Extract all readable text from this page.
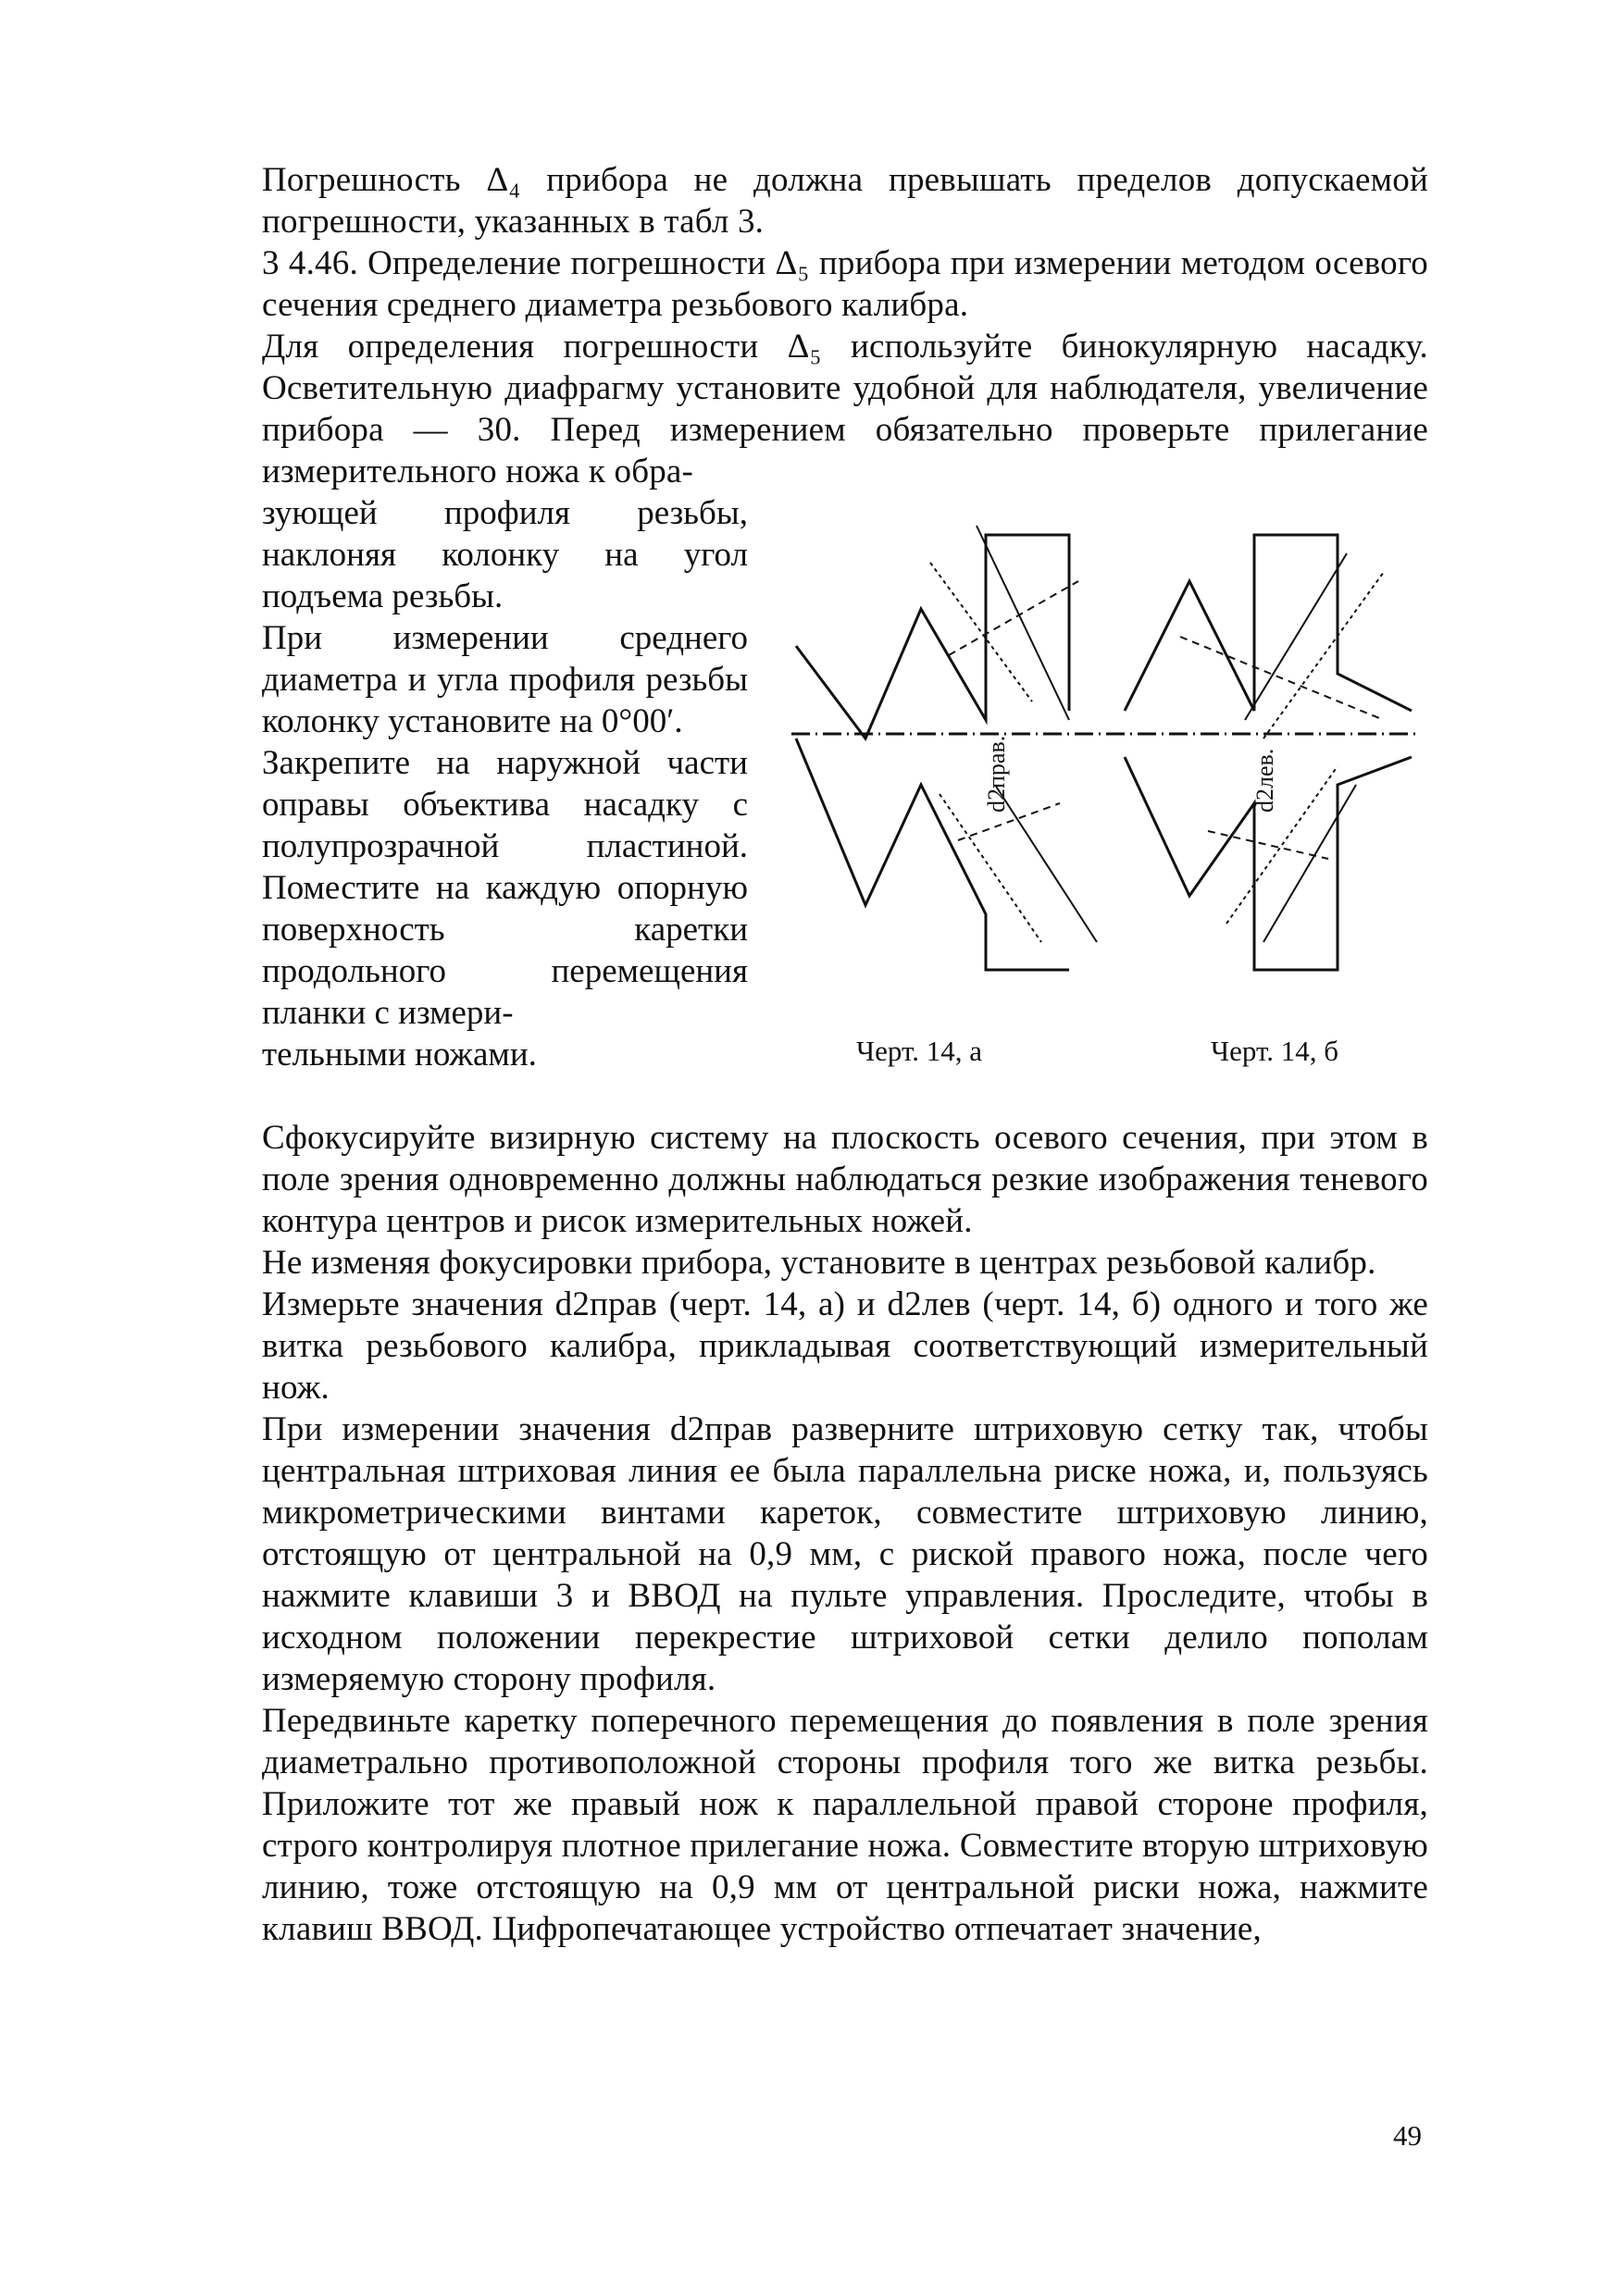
Погрешность Δ₄ прибора не должна превышать пределов допускаемой погрешности, указанных в табл 3.

3 4.46. Определение погрешности Δ₅ прибора при измерении методом осевого сечения среднего диаметра резьбового калибра.

Для определения погрешности Δ₅ используйте бинокулярную насадку. Осветительную диафрагму установите удобной для наблюдателя, увеличение прибора — 30. Перед измерением обязательно проверьте прилегание измерительного ножа к обра-

зующей профиля резьбы, наклоняя колонку на угол подъема резьбы.

При измерении среднего диаметра и угла профиля резьбы колонку установите на 0°00′.

Закрепите на наружной части оправы объектива насадку с полупрозрачной пластиной. Поместите на каждую опорную поверхность каретки продольного перемещения планки с измери-

тельными ножами.

d2прав.	d2лев.
Черт. 14, а	Черт. 14, б

Сфокусируйте визирную систему на плоскость осевого сечения, при этом в поле зрения одновременно должны наблюдаться резкие изображения теневого контура центров и рисок измерительных ножей.

Не изменяя фокусировки прибора, установите в центрах резьбовой калибр.

Измерьте значения d2прав (черт. 14, а) и d2лев (черт. 14, б) одного и того же витка резьбового калибра, прикладывая соответствующий измерительный нож.

При измерении значения d2прав разверните штриховую сетку так, чтобы центральная штриховая линия ее была параллельна риске ножа, и, пользуясь микрометрическими винтами кареток, совместите штриховую линию, отстоящую от центральной на 0,9 мм, с риской правого ножа, после чего нажмите клавиши 3 и ВВОД на пульте управления. Проследите, чтобы в исходном положении перекрестие штриховой сетки делило пополам измеряемую сторону профиля.

Передвиньте каретку поперечного перемещения до появления в поле зрения диаметрально противоположной стороны профиля того же витка резьбы. Приложите тот же правый нож к параллельной правой стороне профиля, строго контролируя плотное прилегание ножа. Совместите вторую штриховую линию, тоже отстоящую на 0,9 мм от центральной риски ножа, нажмите клавиш ВВОД. Цифропечатающее устройство отпечатает значение,

49
